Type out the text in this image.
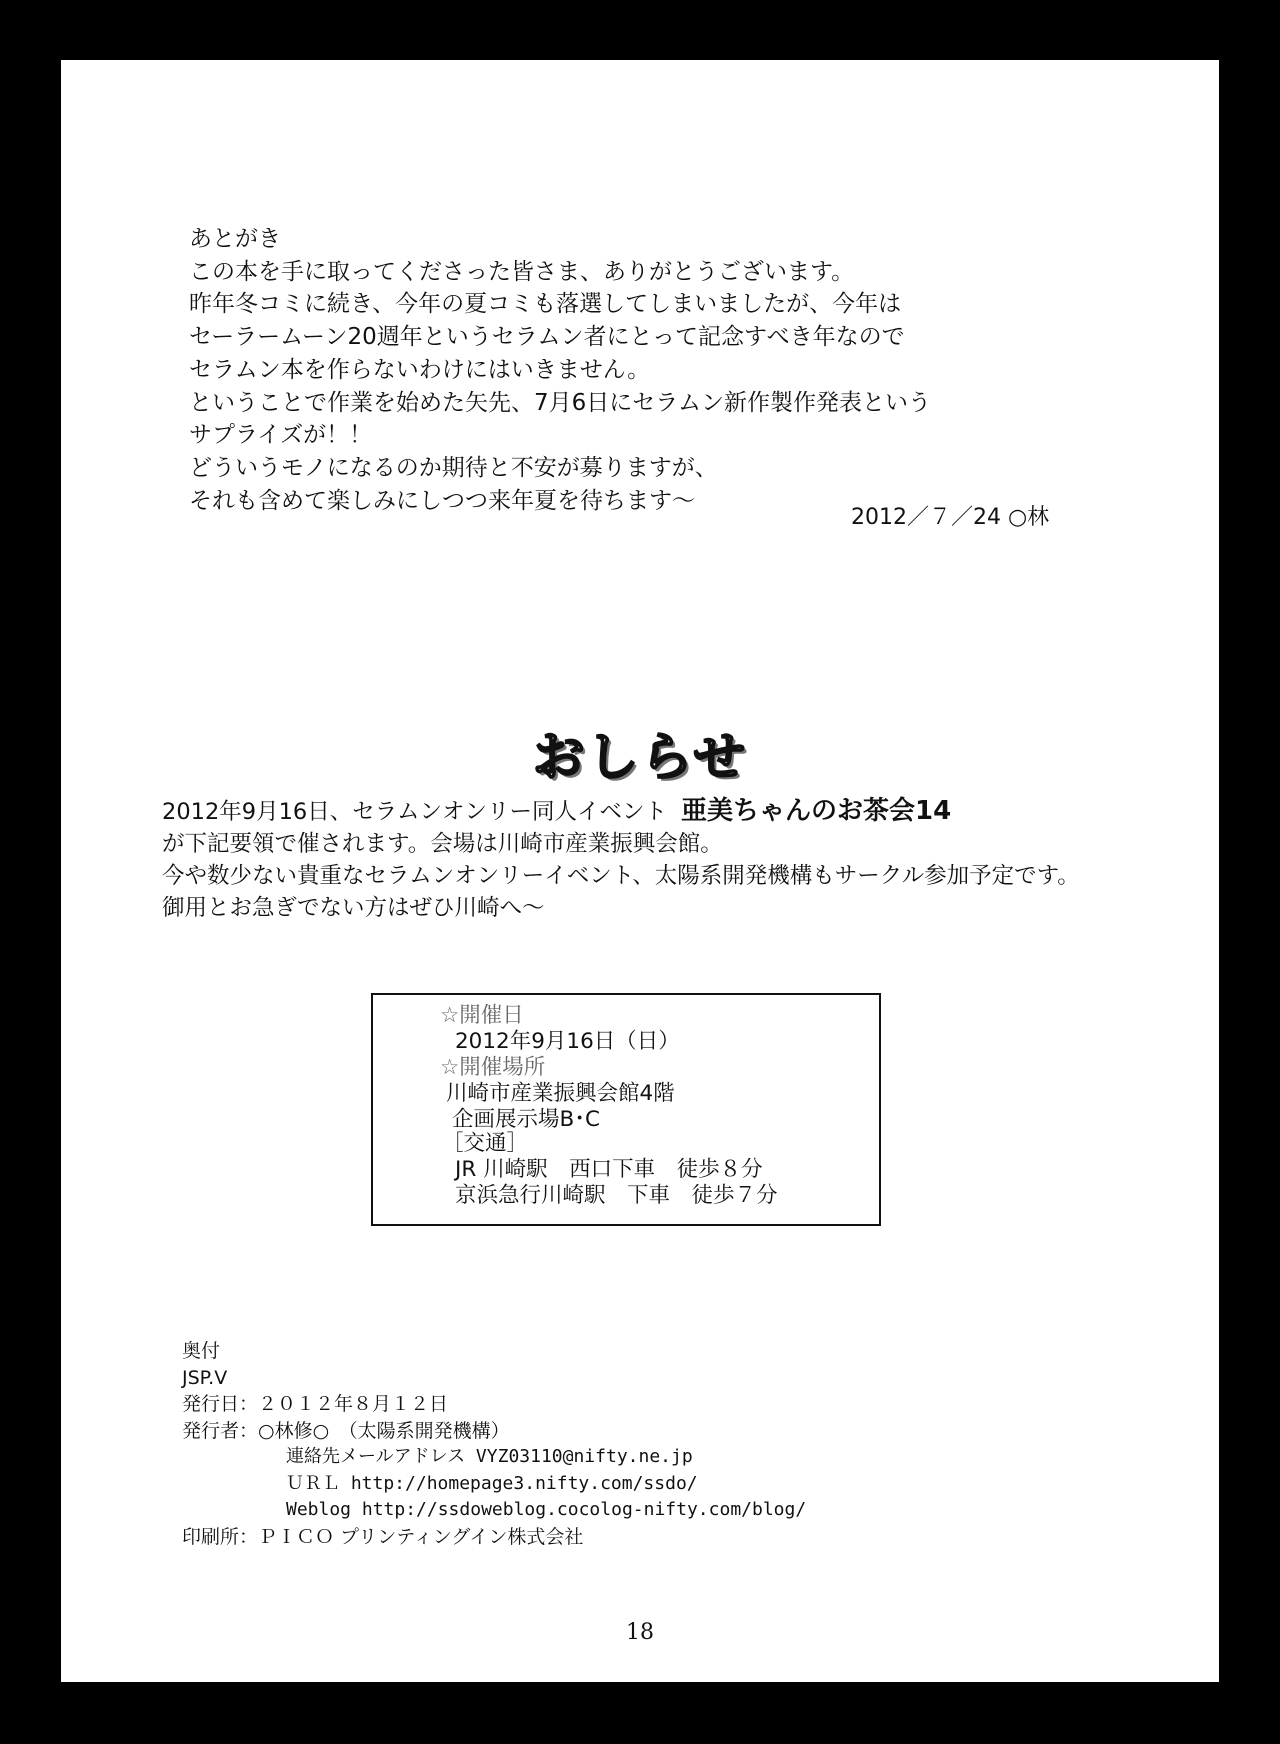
あとがき
この本を手に取ってくださった皆さま、ありがとうございます。
昨年冬コミに続き、今年の夏コミも落選してしまいましたが、今年は
セーラームーン20週年というセラムン者にとって記念すべき年なので
セラムン本を作らないわけにはいきません。
ということで作業を始めた矢先、7月6日にセラムン新作製作発表という
サプライズが！！
どういうモノになるのか期待と不安が募りますが、
それも含めて楽しみにしつつ来年夏を待ちます～
2012／７／24 ○林
おしらせ
2012年9月16日、セラムンオンリー同人イベント 亜美ちゃんのお茶会14
が下記要領で催されます。会場は川崎市産業振興会館。
今や数少ない貴重なセラムンオンリーイベント、太陽系開発機構もサークル参加予定です。
御用とお急ぎでない方はぜひ川崎へ～
☆開催日
2012年9月16日（日）
☆開催場所
川崎市産業振興会館4階
企画展示場B･C
［交通］
JR 川崎駅　西口下車　徒歩８分
京浜急行川崎駅　下車　徒歩７分
奥付
JSP.V
発行日：２０１２年８月１２日
発行者：○林修○　（太陽系開発機構）
連絡先メールアドレス VYZ03110@nifty.ne.jp
ＵＲＬ http://homepage3.nifty.com/ssdo/
Weblog http://ssdoweblog.cocolog-nifty.com/blog/
印刷所：ＰＩＣＯ プリンティングイン株式会社
18
